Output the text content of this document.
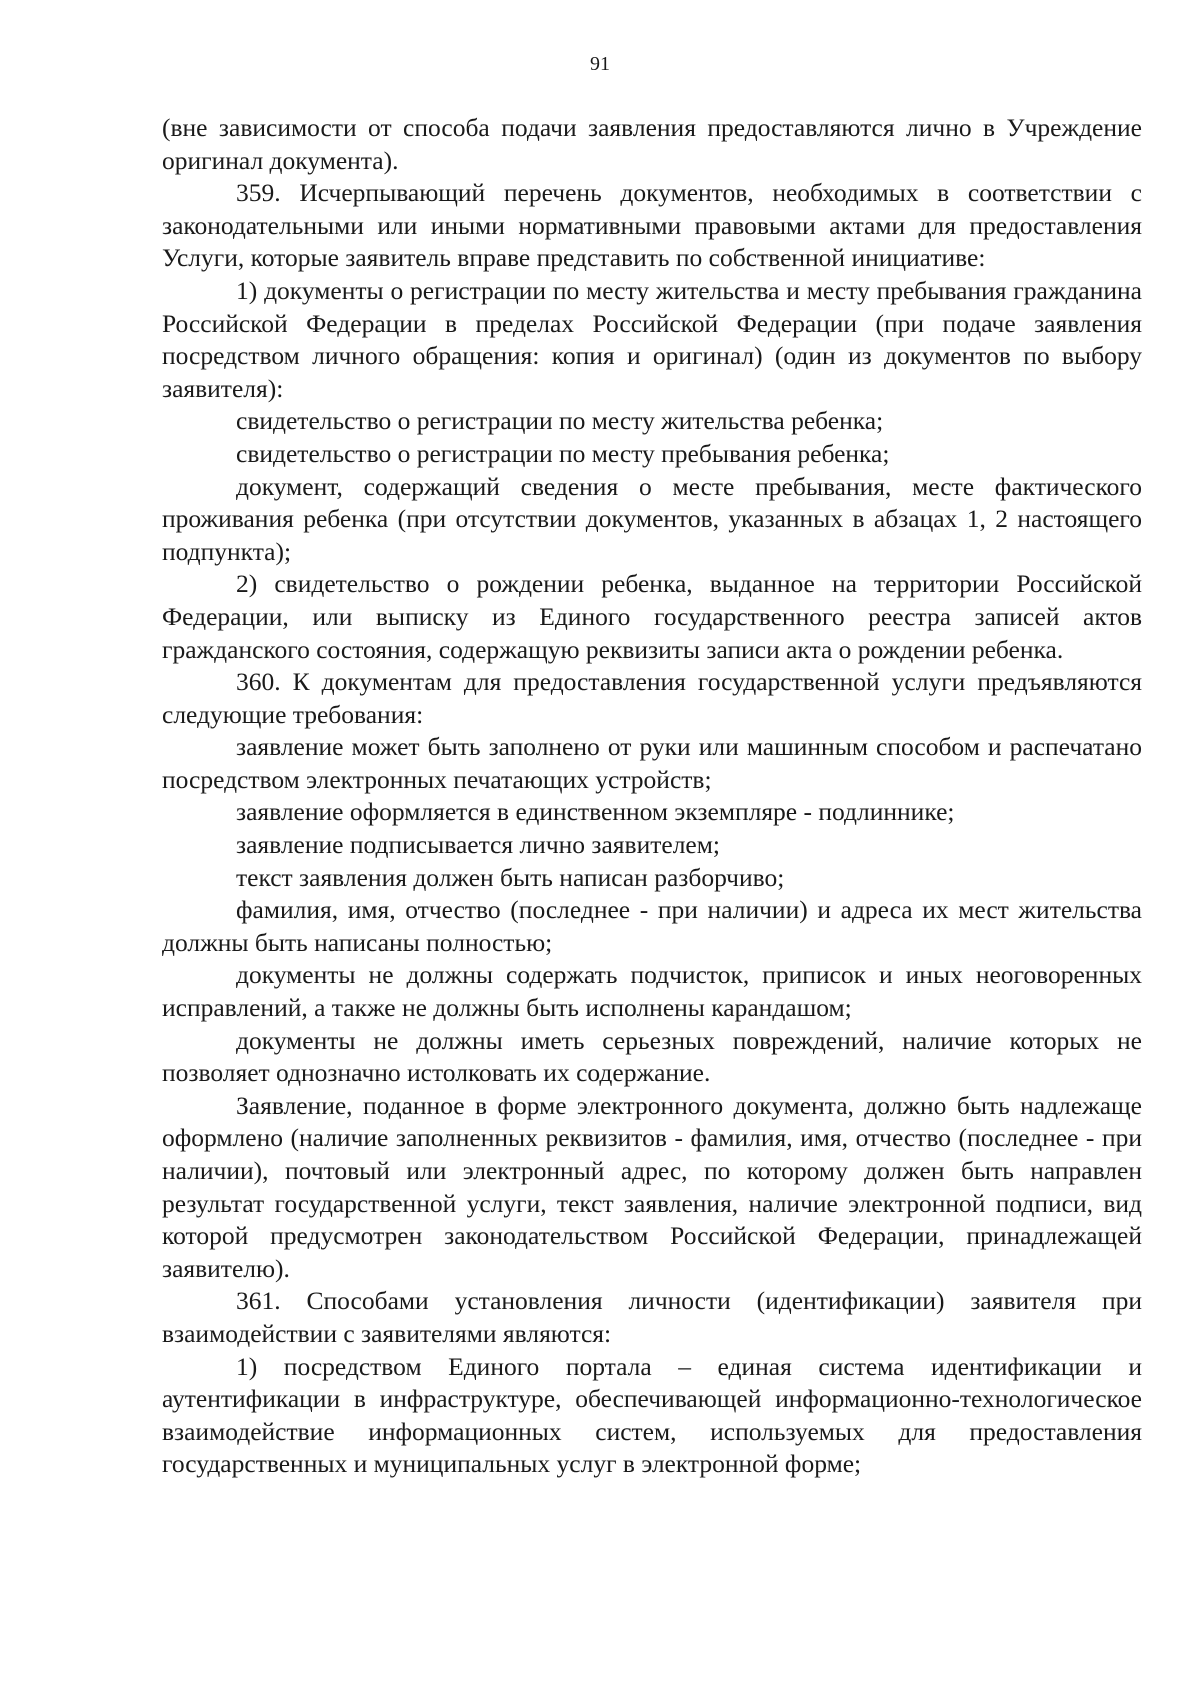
91

(вне зависимости от способа подачи заявления предоставляются лично в Учреждение оригинал документа).

359. Исчерпывающий перечень документов, необходимых в соответствии с законодательными или иными нормативными правовыми актами для предоставления Услуги, которые заявитель вправе представить по собственной инициативе:

1) документы о регистрации по месту жительства и месту пребывания гражданина Российской Федерации в пределах Российской Федерации (при подаче заявления посредством личного обращения: копия и оригинал) (один из документов по выбору заявителя):

свидетельство о регистрации по месту жительства ребенка;

свидетельство о регистрации по месту пребывания ребенка;

документ, содержащий сведения о месте пребывания, месте фактического проживания ребенка (при отсутствии документов, указанных в абзацах 1, 2 настоящего подпункта);

2) свидетельство о рождении ребенка, выданное на территории Российской Федерации, или выписку из Единого государственного реестра записей актов гражданского состояния, содержащую реквизиты записи акта о рождении ребенка.

360. К документам для предоставления государственной услуги предъявляются следующие требования:

заявление может быть заполнено от руки или машинным способом и распечатано посредством электронных печатающих устройств;

заявление оформляется в единственном экземпляре - подлиннике;

заявление подписывается лично заявителем;

текст заявления должен быть написан разборчиво;

фамилия, имя, отчество (последнее - при наличии) и адреса их мест жительства должны быть написаны полностью;

документы не должны содержать подчисток, приписок и иных неоговоренных исправлений, а также не должны быть исполнены карандашом;

документы не должны иметь серьезных повреждений, наличие которых не позволяет однозначно истолковать их содержание.

Заявление, поданное в форме электронного документа, должно быть надлежаще оформлено (наличие заполненных реквизитов - фамилия, имя, отчество (последнее - при наличии), почтовый или электронный адрес, по которому должен быть направлен результат государственной услуги, текст заявления, наличие электронной подписи, вид которой предусмотрен законодательством Российской Федерации, принадлежащей заявителю).

361. Способами установления личности (идентификации) заявителя при взаимодействии с заявителями являются:

1) посредством Единого портала – единая система идентификации и аутентификации в инфраструктуре, обеспечивающей информационно-технологическое взаимодействие информационных систем, используемых для предоставления государственных и муниципальных услуг в электронной форме;
